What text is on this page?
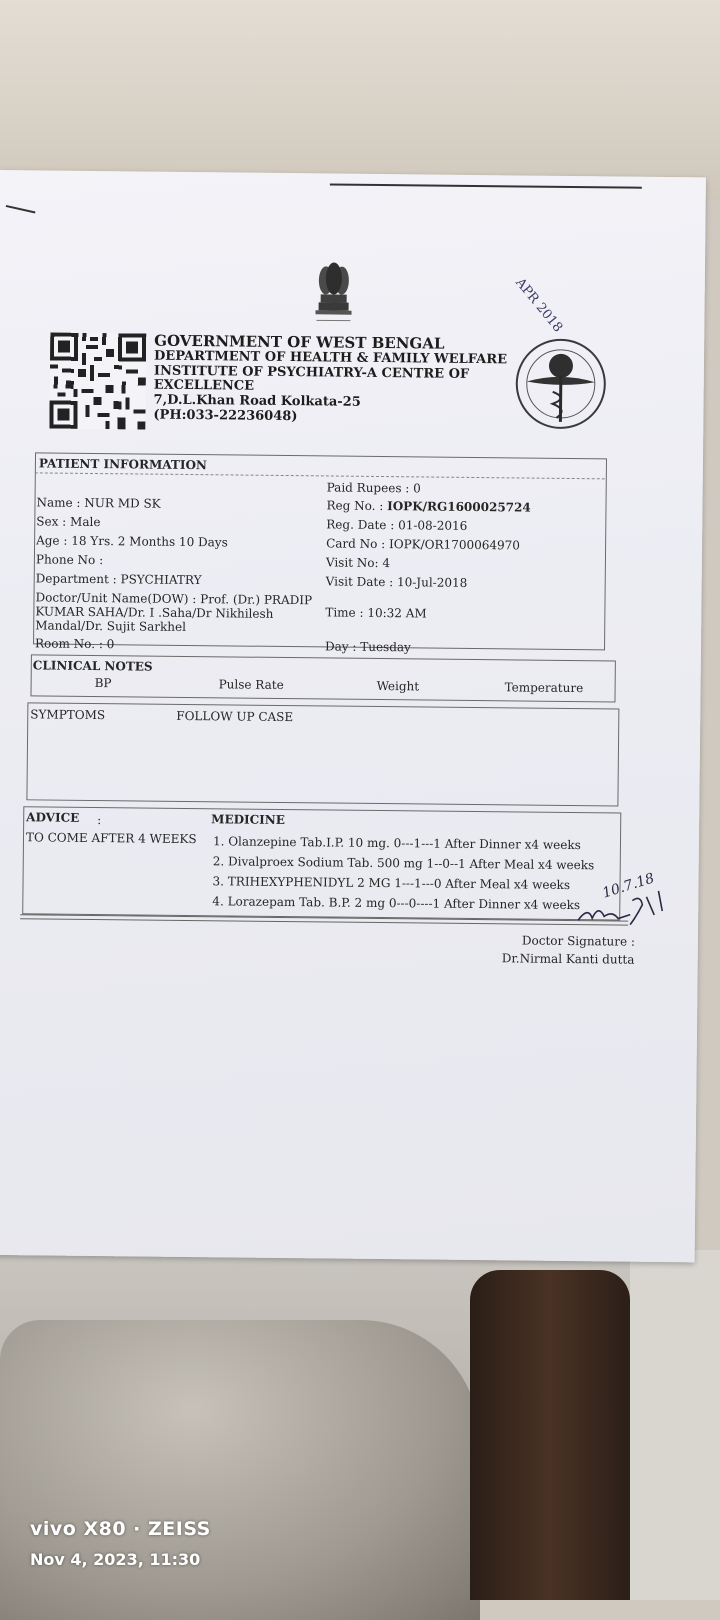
APR 2018
GOVERNMENT OF WEST BENGAL
DEPARTMENT OF HEALTH & FAMILY WELFARE
INSTITUTE OF PSYCHIATRY-A CENTRE OF
EXCELLENCE
7,D.L.Khan Road Kolkata-25
(PH:033-22236048)
PATIENT INFORMATION
Name : NUR MD SK
Sex : Male
Age : 18 Yrs. 2 Months 10 Days
Phone No :
Department : PSYCHIATRY
Doctor/Unit Name(DOW) : Prof. (Dr.) PRADIP
KUMAR SAHA/Dr. I .Saha/Dr Nikhilesh
Mandal/Dr. Sujit Sarkhel
Room No. : 0
Paid Rupees : 0
Reg No. : IOPK/RG1600025724
Reg. Date : 01-08-2016
Card No : IOPK/OR1700064970
Visit No: 4
Visit Date : 10-Jul-2018
Time : 10:32 AM
Day : Tuesday
CLINICAL NOTES
BP	Pulse Rate	Weight	Temperature
SYMPTOMS	FOLLOW UP CASE
ADVICE :
TO COME AFTER 4 WEEKS
MEDICINE
1. Olanzepine Tab.I.P. 10 mg. 0---1---1 After Dinner x4 weeks
2. Divalproex Sodium Tab. 500 mg 1--0--1 After Meal x4 weeks
3. TRIHEXYPHENIDYL 2 MG 1---1---0 After Meal x4 weeks
4. Lorazepam Tab. B.P. 2 mg 0---0----1 After Dinner x4 weeks
10.7.18
Doctor Signature :
Dr.Nirmal Kanti dutta
vivo X80 · ZEISS
Nov 4, 2023, 11:30
